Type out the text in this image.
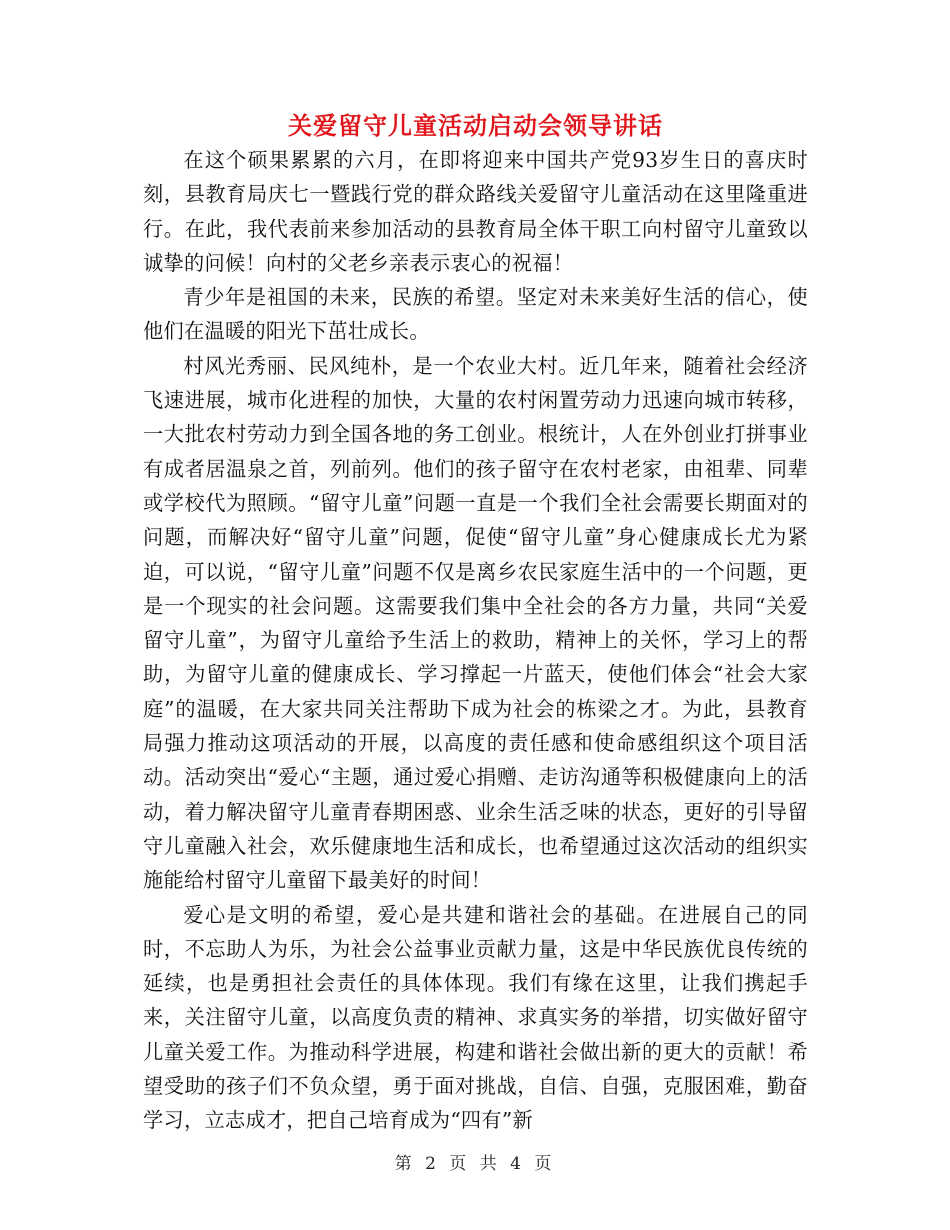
关爱留守儿童活动启动会领导讲话

在这个硕果累累的六月，在即将迎来中国共产党93岁生日的喜庆时刻，县教育局庆七一暨践行党的群众路线关爱留守儿童活动在这里隆重进行。在此，我代表前来参加活动的县教育局全体干职工向村留守儿童致以诚挚的问候！向村的父老乡亲表示衷心的祝福！

青少年是祖国的未来，民族的希望。坚定对未来美好生活的信心，使他们在温暖的阳光下茁壮成长。

村风光秀丽、民风纯朴，是一个农业大村。近几年来，随着社会经济飞速进展，城市化进程的加快，大量的农村闲置劳动力迅速向城市转移，一大批农村劳动力到全国各地的务工创业。根统计，人在外创业打拼事业有成者居温泉之首，列前列。他们的孩子留守在农村老家，由祖辈、同辈或学校代为照顾。“留守儿童”问题一直是一个我们全社会需要长期面对的问题，而解决好“留守儿童”问题，促使“留守儿童”身心健康成长尤为紧迫，可以说，“留守儿童”问题不仅是离乡农民家庭生活中的一个问题，更是一个现实的社会问题。这需要我们集中全社会的各方力量，共同“关爱留守儿童”，为留守儿童给予生活上的救助，精神上的关怀，学习上的帮助，为留守儿童的健康成长、学习撑起一片蓝天，使他们体会“社会大家庭”的温暖，在大家共同关注帮助下成为社会的栋梁之才。为此，县教育局强力推动这项活动的开展，以高度的责任感和使命感组织这个项目活动。活动突出“爱心“主题，通过爱心捐赠、走访沟通等积极健康向上的活动，着力解决留守儿童青春期困惑、业余生活乏味的状态，更好的引导留守儿童融入社会，欢乐健康地生活和成长，也希望通过这次活动的组织实施能给村留守儿童留下最美好的时间！

爱心是文明的希望，爱心是共建和谐社会的基础。在进展自己的同时，不忘助人为乐，为社会公益事业贡献力量，这是中华民族优良传统的延续，也是勇担社会责任的具体体现。我们有缘在这里，让我们携起手来，关注留守儿童，以高度负责的精神、求真实务的举措，切实做好留守儿童关爱工作。为推动科学进展，构建和谐社会做出新的更大的贡献！希望受助的孩子们不负众望，勇于面对挑战，自信、自强，克服困难，勤奋学习，立志成才，把自己培育成为“四有”新

第 2 页 共 4 页
